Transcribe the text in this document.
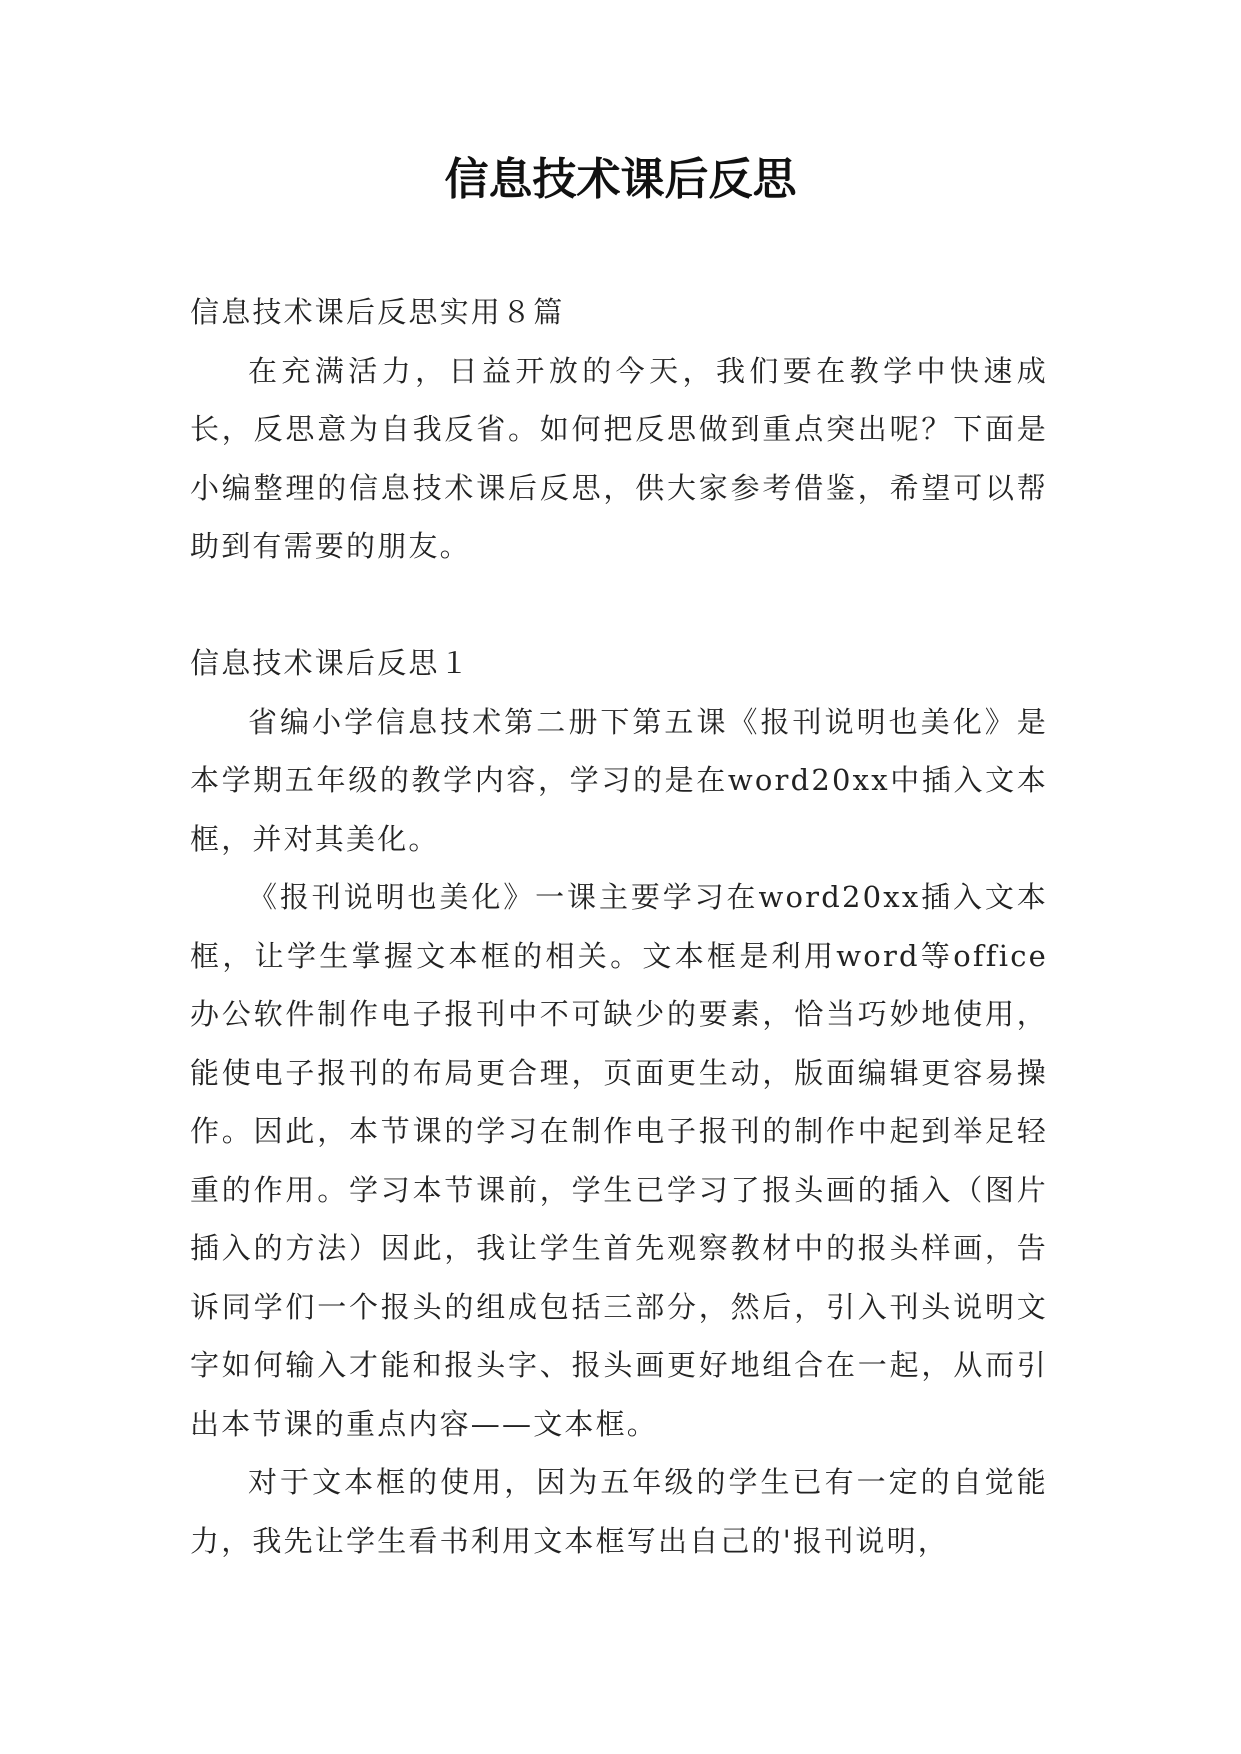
信息技术课后反思

信息技术课后反思实用８篇

在充满活力，日益开放的今天，我们要在教学中快速成长，反思意为自我反省。如何把反思做到重点突出呢？下面是小编整理的信息技术课后反思，供大家参考借鉴，希望可以帮助到有需要的朋友。

信息技术课后反思１

省编小学信息技术第二册下第五课《报刊说明也美化》是本学期五年级的教学内容，学习的是在word20xx中插入文本框，并对其美化。

《报刊说明也美化》一课主要学习在word20xx插入文本框，让学生掌握文本框的相关。文本框是利用word等office办公软件制作电子报刊中不可缺少的要素，恰当巧妙地使用，能使电子报刊的布局更合理，页面更生动，版面编辑更容易操作。因此，本节课的学习在制作电子报刊的制作中起到举足轻重的作用。学习本节课前，学生已学习了报头画的插入（图片插入的方法）因此，我让学生首先观察教材中的报头样画，告诉同学们一个报头的组成包括三部分，然后，引入刊头说明文字如何输入才能和报头字、报头画更好地组合在一起，从而引出本节课的重点内容——文本框。

对于文本框的使用，因为五年级的学生已有一定的自觉能力，我先让学生看书利用文本框写出自己的'报刊说明，
